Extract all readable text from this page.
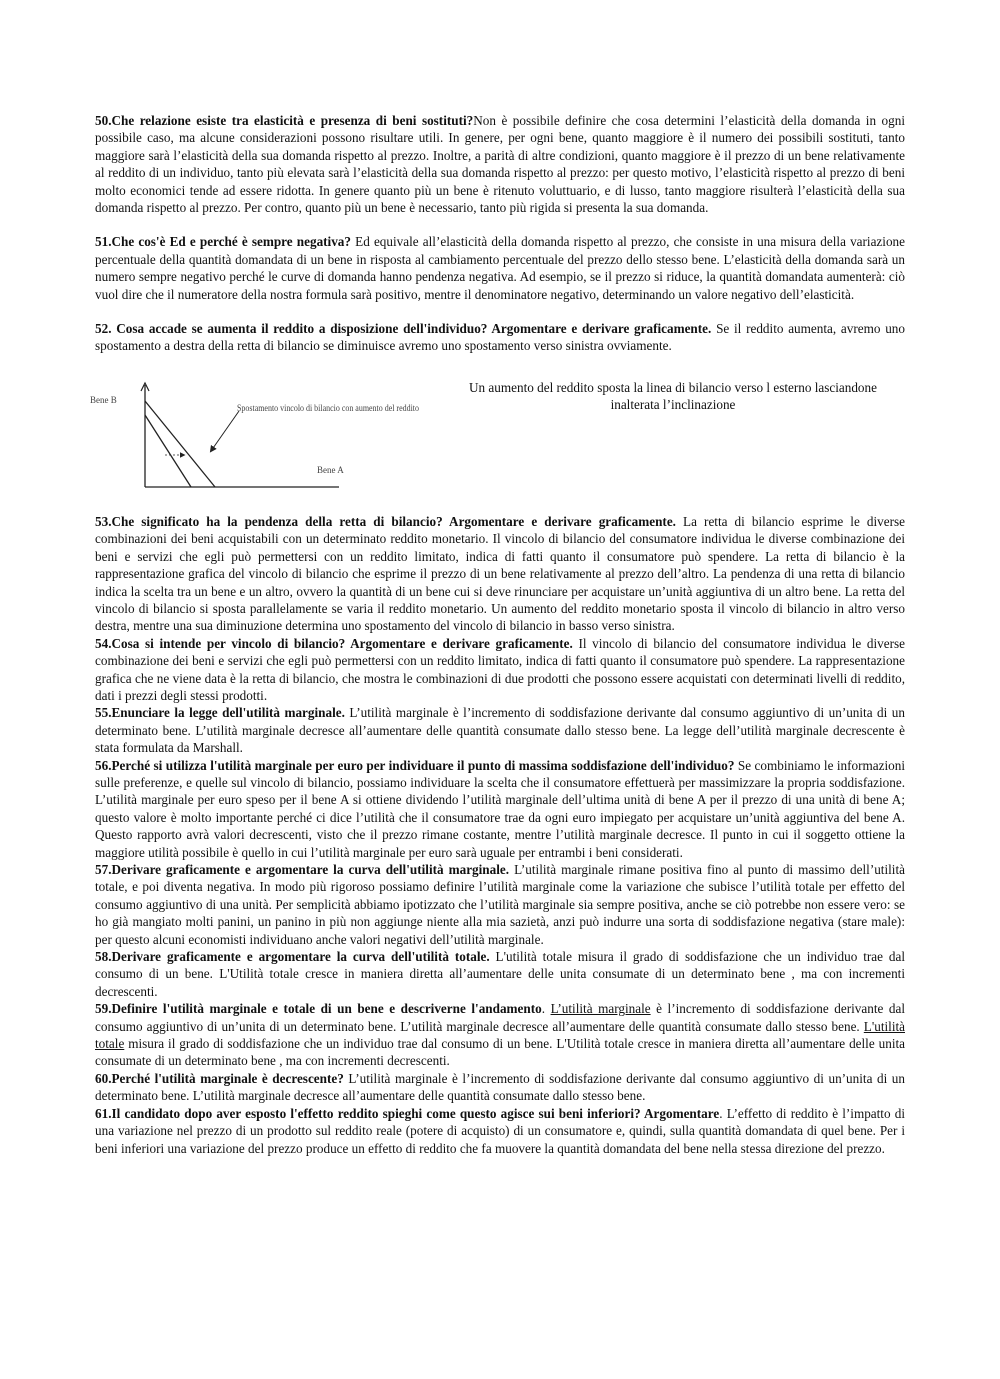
50.Che relazione esiste tra elasticità e presenza di beni sostituti?Non è possibile definire che cosa determini l’elasticità della domanda in ogni possibile caso, ma alcune considerazioni possono risultare utili. In genere, per ogni bene, quanto maggiore è il numero dei possibili sostituti, tanto maggiore sarà l’elasticità della sua domanda rispetto al prezzo. Inoltre, a parità di altre condizioni, quanto maggiore è il prezzo di un bene relativamente al reddito di un individuo, tanto più elevata sarà l’elasticità della sua domanda rispetto al prezzo: per questo motivo, l’elasticità rispetto al prezzo di beni molto economici tende ad essere ridotta. In genere quanto più un bene è ritenuto voluttuario, e di lusso, tanto maggiore risulterà l’elasticità della sua domanda rispetto al prezzo. Per contro, quanto più un bene è necessario, tanto più rigida si presenta la sua domanda.

51.Che cos'è Ed e perché è sempre negativa? Ed equivale all’elasticità della domanda rispetto al prezzo, che consiste in una misura della variazione percentuale della quantità domandata di un bene in risposta al cambiamento percentuale del prezzo dello stesso bene. L’elasticità della domanda sarà un numero sempre negativo perché le curve di domanda hanno pendenza negativa. Ad esempio, se il prezzo si riduce, la quantità domandata aumenterà: ciò vuol dire che il numeratore della nostra formula sarà positivo, mentre il denominatore negativo, determinando un valore negativo dell’elasticità.

52. Cosa accade se aumenta il reddito a disposizione dell'individuo? Argomentare e derivare graficamente. Se il reddito aumenta, avremo uno spostamento a destra della retta di bilancio se diminuisce avremo uno spostamento verso sinistra ovviamente.

Bene B
Bene A
Spostamento vincolo di bilancio con aumento del reddito
Un aumento del reddito sposta la linea di bilancio verso l esterno lasciandone inalterata l’inclinazione

53.Che significato ha la pendenza della retta di bilancio? Argomentare e derivare graficamente. La retta di bilancio esprime le diverse combinazioni dei beni acquistabili con un determinato reddito monetario. Il vincolo di bilancio del consumatore individua le diverse combinazione dei beni e servizi che egli può permettersi con un reddito limitato, indica di fatti quanto il consumatore può spendere. La retta di bilancio è la rappresentazione grafica del vincolo di bilancio che esprime il prezzo di un bene relativamente al prezzo dell’altro. La pendenza di una retta di bilancio indica la scelta tra un bene e un altro, ovvero la quantità di un bene cui si deve rinunciare per acquistare un’unità aggiuntiva di un altro bene. La retta del vincolo di bilancio si sposta parallelamente se varia il reddito monetario. Un aumento del reddito monetario sposta il vincolo di bilancio in altro verso destra, mentre una sua diminuzione determina uno spostamento del vincolo di bilancio in basso verso sinistra.

54.Cosa si intende per vincolo di bilancio? Argomentare e derivare graficamente. Il vincolo di bilancio del consumatore individua le diverse combinazione dei beni e servizi che egli può permettersi con un reddito limitato, indica di fatti quanto il consumatore può spendere. La rappresentazione grafica che ne viene data è la retta di bilancio, che mostra le combinazioni di due prodotti che possono essere acquistati con determinati livelli di reddito, dati i prezzi degli stessi prodotti.

55.Enunciare la legge dell'utilità marginale. L’utilità marginale è l’incremento di soddisfazione derivante dal consumo aggiuntivo di un’unita di un determinato bene. L’utilità marginale decresce all’aumentare delle quantità consumate dallo stesso bene. La legge dell’utilità marginale decrescente è stata formulata da Marshall.

56.Perché si utilizza l'utilità marginale per euro per individuare il punto di massima soddisfazione dell'individuo? Se combiniamo le informazioni sulle preferenze, e quelle sul vincolo di bilancio, possiamo individuare la scelta che il consumatore effettuerà per massimizzare la propria soddisfazione. L’utilità marginale per euro speso per il bene A si ottiene dividendo l’utilità marginale dell’ultima unità di bene A per il prezzo di una unità di bene A; questo valore è molto importante perché ci dice l’utilità che il consumatore trae da ogni euro impiegato per acquistare un’unità aggiuntiva del bene A. Questo rapporto avrà valori decrescenti, visto che il prezzo rimane costante, mentre l’utilità marginale decresce. Il punto in cui il soggetto ottiene la maggiore utilità possibile è quello in cui l’utilità marginale per euro sarà uguale per entrambi i beni considerati.

57.Derivare graficamente e argomentare la curva dell'utilità marginale. L’utilità marginale rimane positiva fino al punto di massimo dell’utilità totale, e poi diventa negativa. In modo più rigoroso possiamo definire l’utilità marginale come la variazione che subisce l’utilità totale per effetto del consumo aggiuntivo di una unità. Per semplicità abbiamo ipotizzato che l’utilità marginale sia sempre positiva, anche se ciò potrebbe non essere vero: se ho già mangiato molti panini, un panino in più non aggiunge niente alla mia sazietà, anzi può indurre una sorta di soddisfazione negativa (stare male): per questo alcuni economisti individuano anche valori negativi dell’utilità marginale.

58.Derivare graficamente e argomentare la curva dell'utilità totale. L'utilità totale misura il grado di soddisfazione che un individuo trae dal consumo di un bene. L'Utilità totale cresce in maniera diretta all’aumentare delle unita consumate di un determinato bene , ma con incrementi decrescenti.

59.Definire l'utilità marginale e totale di un bene e descriverne l'andamento. L’utilità marginale è l’incremento di soddisfazione derivante dal consumo aggiuntivo di un’unita di un determinato bene. L’utilità marginale decresce all’aumentare delle quantità consumate dallo stesso bene. L'utilità totale misura il grado di soddisfazione che un individuo trae dal consumo di un bene. L'Utilità totale cresce in maniera diretta all’aumentare delle unita consumate di un determinato bene , ma con incrementi decrescenti.

60.Perché l'utilità marginale è decrescente? L’utilità marginale è l’incremento di soddisfazione derivante dal consumo aggiuntivo di un’unita di un determinato bene. L’utilità marginale decresce all’aumentare delle quantità consumate dallo stesso bene.

61.Il candidato dopo aver esposto l'effetto reddito spieghi come questo agisce sui beni inferiori? Argomentare. L’effetto di reddito è l’impatto di una variazione nel prezzo di un prodotto sul reddito reale (potere di acquisto) di un consumatore e, quindi, sulla quantità domandata di quel bene. Per i beni inferiori una variazione del prezzo produce un effetto di reddito che fa muovere la quantità domandata del bene nella stessa direzione del prezzo.
